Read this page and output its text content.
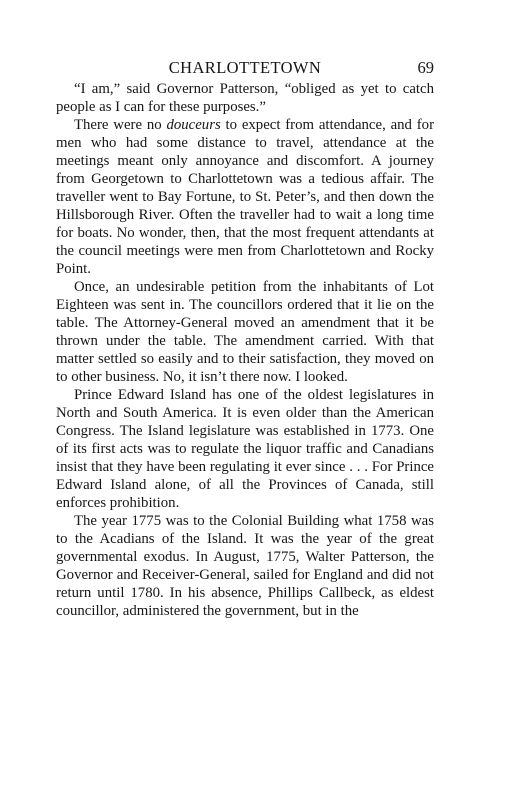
CHARLOTTETOWN	69

“I am,” said Governor Patterson, “obliged as yet to catch people as I can for these purposes.”

There were no douceurs to expect from attendance, and for men who had some distance to travel, attendance at the meetings meant only annoyance and discomfort. A journey from Georgetown to Charlottetown was a tedious affair. The traveller went to Bay Fortune, to St. Peter’s, and then down the Hillsborough River. Often the traveller had to wait a long time for boats. No wonder, then, that the most frequent attendants at the council meetings were men from Charlottetown and Rocky Point.

Once, an undesirable petition from the inhabitants of Lot Eighteen was sent in. The councillors ordered that it lie on the table. The Attorney-General moved an amendment that it be thrown under the table. The amendment carried. With that matter settled so easily and to their satisfaction, they moved on to other business. No, it isn’t there now. I looked.

Prince Edward Island has one of the oldest legislatures in North and South America. It is even older than the American Congress. The Island legislature was established in 1773. One of its first acts was to regulate the liquor traffic and Canadians insist that they have been regulating it ever since . . . For Prince Edward Island alone, of all the Provinces of Canada, still enforces prohibition.

The year 1775 was to the Colonial Building what 1758 was to the Acadians of the Island. It was the year of the great governmental exodus. In August, 1775, Walter Patterson, the Governor and Receiver-General, sailed for England and did not return until 1780. In his absence, Phillips Callbeck, as eldest councillor, administered the government, but in the
